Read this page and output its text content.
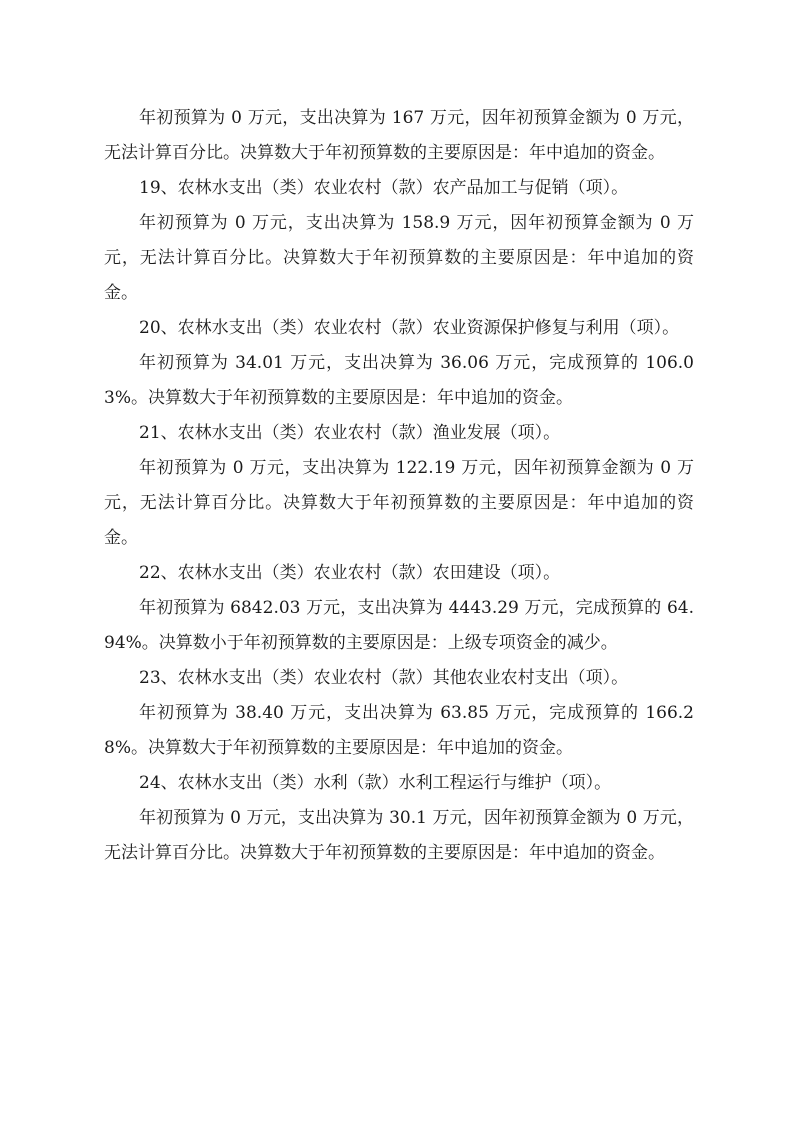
年初预算为 0 万元，支出决算为 167 万元，因年初预算金额为 0 万元，无法计算百分比。决算数大于年初预算数的主要原因是：年中追加的资金。

19、农林水支出（类）农业农村（款）农产品加工与促销（项）。

年初预算为 0 万元，支出决算为 158.9 万元，因年初预算金额为 0 万元，无法计算百分比。决算数大于年初预算数的主要原因是：年中追加的资金。

20、农林水支出（类）农业农村（款）农业资源保护修复与利用（项）。

年初预算为 34.01 万元，支出决算为 36.06 万元，完成预算的 106.03%。决算数大于年初预算数的主要原因是：年中追加的资金。

21、农林水支出（类）农业农村（款）渔业发展（项）。

年初预算为 0 万元，支出决算为 122.19 万元，因年初预算金额为 0 万元，无法计算百分比。决算数大于年初预算数的主要原因是：年中追加的资金。

22、农林水支出（类）农业农村（款）农田建设（项）。

年初预算为 6842.03 万元，支出决算为 4443.29 万元，完成预算的 64.94%。决算数小于年初预算数的主要原因是：上级专项资金的减少。

23、农林水支出（类）农业农村（款）其他农业农村支出（项）。

年初预算为 38.40 万元，支出决算为 63.85 万元，完成预算的 166.28%。决算数大于年初预算数的主要原因是：年中追加的资金。

24、农林水支出（类）水利（款）水利工程运行与维护（项）。

年初预算为 0 万元，支出决算为 30.1 万元，因年初预算金额为 0 万元，无法计算百分比。决算数大于年初预算数的主要原因是：年中追加的资金。
